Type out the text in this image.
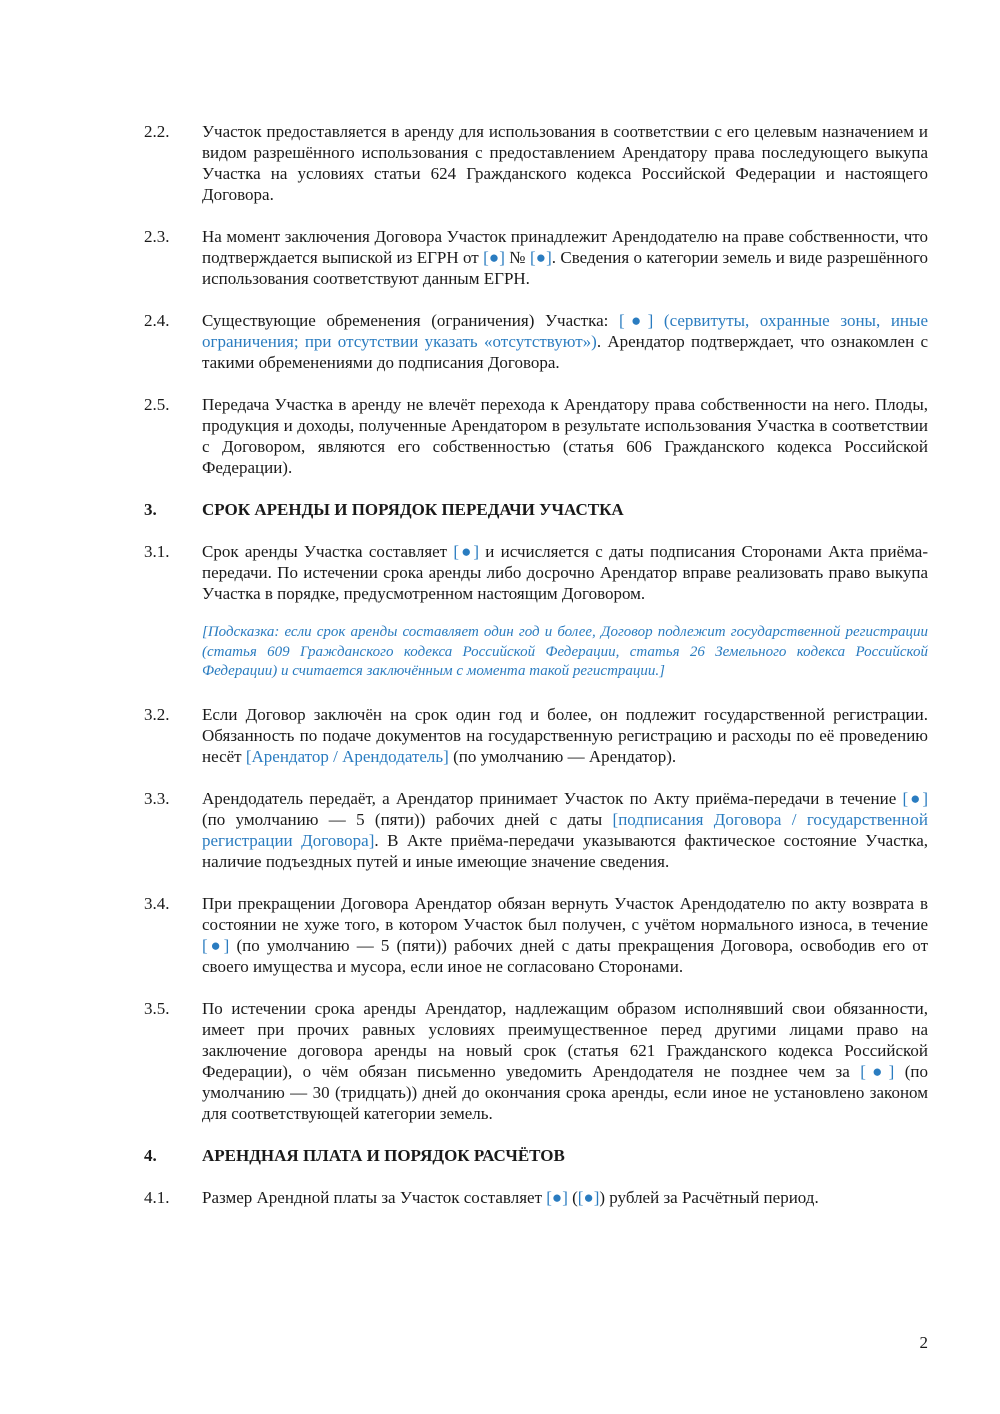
2.2.	Участок предоставляется в аренду для использования в соответствии с его целевым назначением и видом разрешённого использования с предоставлением Арендатору права последующего выкупа Участка на условиях статьи 624 Гражданского кодекса Российской Федерации и настоящего Договора.
2.3.	На момент заключения Договора Участок принадлежит Арендодателю на праве собственности, что подтверждается выпиской из ЕГРН от [●] № [●]. Сведения о категории земель и виде разрешённого использования соответствуют данным ЕГРН.
2.4.	Существующие обременения (ограничения) Участка: [●] (сервитуты, охранные зоны, иные ограничения; при отсутствии указать «отсутствуют»). Арендатор подтверждает, что ознакомлен с такими обременениями до подписания Договора.
2.5.	Передача Участка в аренду не влечёт перехода к Арендатору права собственности на него. Плоды, продукция и доходы, полученные Арендатором в результате использования Участка в соответствии с Договором, являются его собственностью (статья 606 Гражданского кодекса Российской Федерации).
3.	СРОК АРЕНДЫ И ПОРЯДОК ПЕРЕДАЧИ УЧАСТКА
3.1.	Срок аренды Участка составляет [●] и исчисляется с даты подписания Сторонами Акта приёма-передачи. По истечении срока аренды либо досрочно Арендатор вправе реализовать право выкупа Участка в порядке, предусмотренном настоящим Договором.
[Подсказка: если срок аренды составляет один год и более, Договор подлежит государственной регистрации (статья 609 Гражданского кодекса Российской Федерации, статья 26 Земельного кодекса Российской Федерации) и считается заключённым с момента такой регистрации.]
3.2.	Если Договор заключён на срок один год и более, он подлежит государственной регистрации. Обязанность по подаче документов на государственную регистрацию и расходы по её проведению несёт [Арендатор / Арендодатель] (по умолчанию — Арендатор).
3.3.	Арендодатель передаёт, а Арендатор принимает Участок по Акту приёма-передачи в течение [●] (по умолчанию — 5 (пяти)) рабочих дней с даты [подписания Договора / государственной регистрации Договора]. В Акте приёма-передачи указываются фактическое состояние Участка, наличие подъездных путей и иные имеющие значение сведения.
3.4.	При прекращении Договора Арендатор обязан вернуть Участок Арендодателю по акту возврата в состоянии не хуже того, в котором Участок был получен, с учётом нормального износа, в течение [●] (по умолчанию — 5 (пяти)) рабочих дней с даты прекращения Договора, освободив его от своего имущества и мусора, если иное не согласовано Сторонами.
3.5.	По истечении срока аренды Арендатор, надлежащим образом исполнявший свои обязанности, имеет при прочих равных условиях преимущественное перед другими лицами право на заключение договора аренды на новый срок (статья 621 Гражданского кодекса Российской Федерации), о чём обязан письменно уведомить Арендодателя не позднее чем за [●] (по умолчанию — 30 (тридцать)) дней до окончания срока аренды, если иное не установлено законом для соответствующей категории земель.
4.	АРЕНДНАЯ ПЛАТА И ПОРЯДОК РАСЧЁТОВ
4.1.	Размер Арендной платы за Участок составляет [●] ([●]) рублей за Расчётный период.
2
